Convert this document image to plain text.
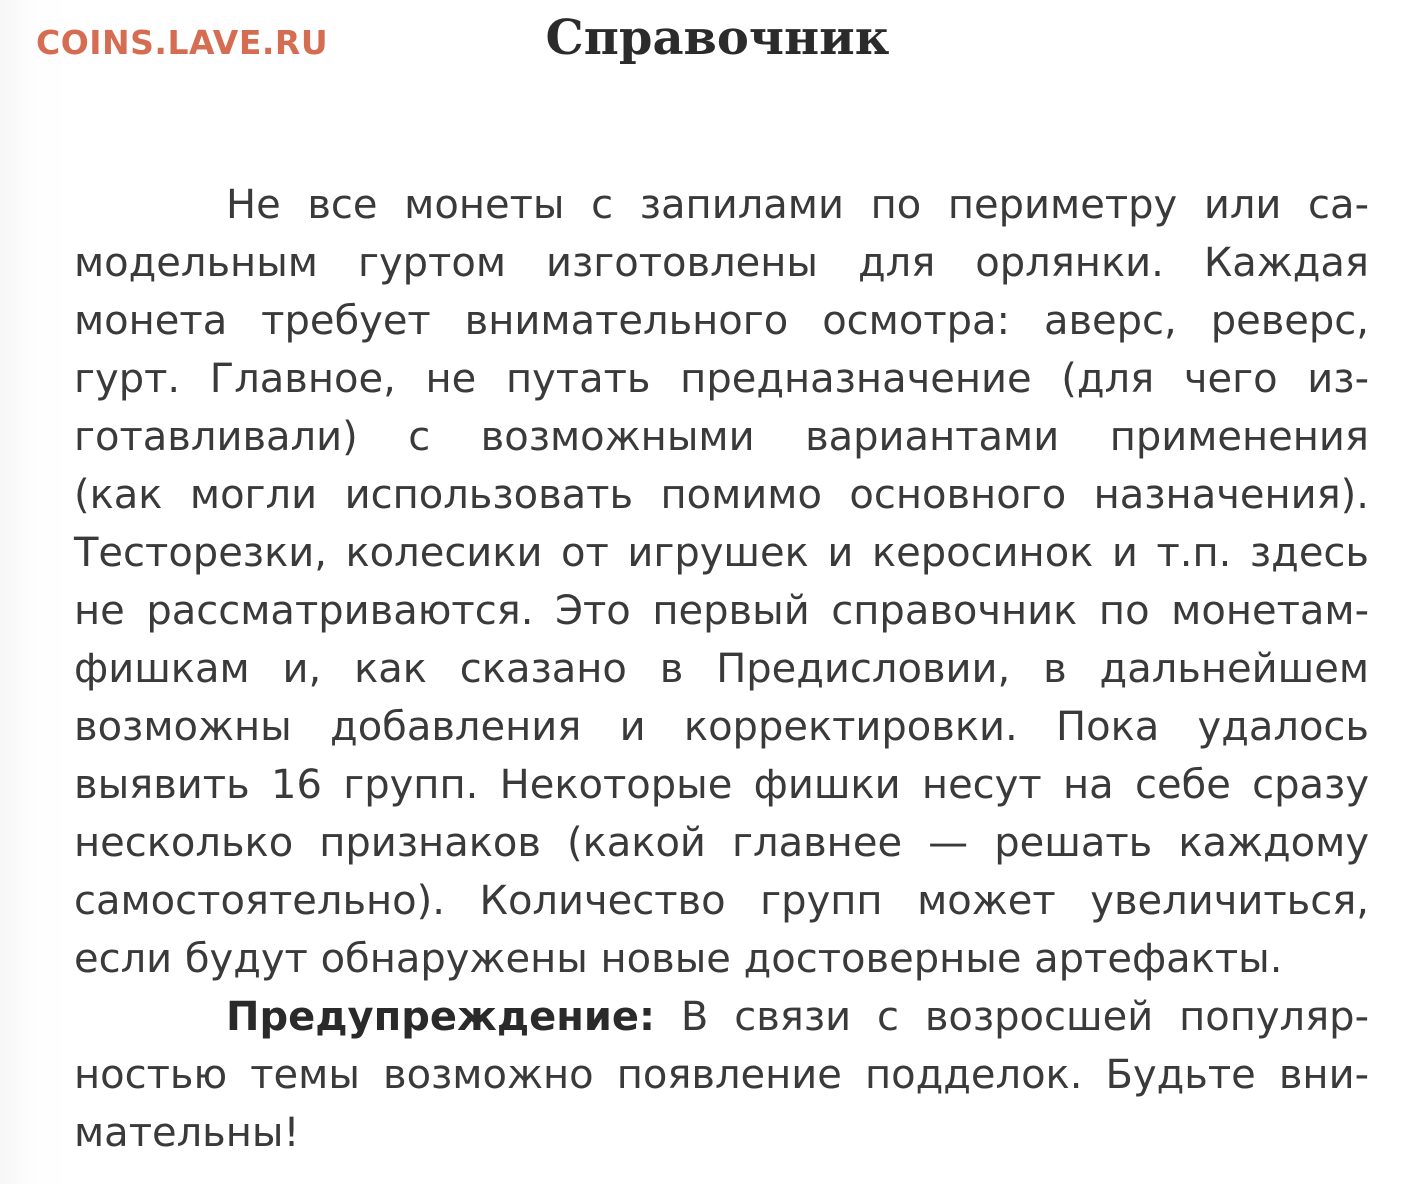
COINS.LAVE.RU	Справочник
Не все монеты с запилами по периметру или са-
модельным гуртом изготовлены для орлянки. Каждая
монета требует внимательного осмотра: аверс, реверс,
гурт. Главное, не путать предназначение (для чего из-
готавливали) с возможными вариантами применения
(как могли использовать помимо основного назначения).
Тесторезки, колесики от игрушек и керосинок и т.п. здесь
не рассматриваются. Это первый справочник по монетам-
фишкам и, как сказано в Предисловии, в дальнейшем
возможны добавления и корректировки. Пока удалось
выявить 16 групп. Некоторые фишки несут на себе сразу
несколько признаков (какой главнее — решать каждому
самостоятельно). Количество групп может увеличиться,
если будут обнаружены новые достоверные артефакты.
Предупреждение: В связи с возросшей популяр-
ностью темы возможно появление подделок. Будьте вни-
мательны!
